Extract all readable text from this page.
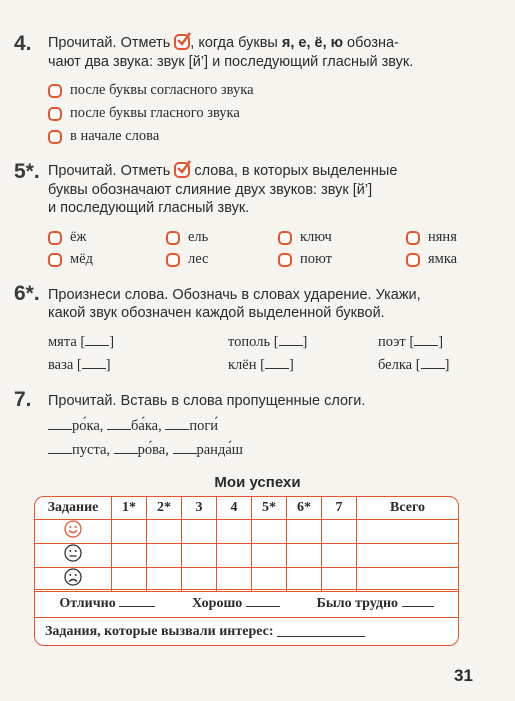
4. Прочитай. Отметь , когда буквы я, е, ё, ю обозна-
чают два звука: звук [й’] и последующий гласный звук.
после буквы согласного звука
после буквы гласного звука
в начале слова
5*. Прочитай. Отметь слова, в которых выделенные
буквы обозначают слияние двух звуков: звук [й’]
и последующий гласный звук.
ёж	ель	ключ	няня
мёд	лес	поют	ямка
6*. Произнеси слова. Обозначь в словах ударение. Укажи,
какой звук обозначен каждой выделенной буквой.
мята [ ]	тополь [ ]	поэт [ ]
ваза [ ]	клён [ ]	белка [ ]
7. Прочитай. Вставь в слова пропущенные слоги.
ро́ка, ба́ка, поги́
пуста, ро́ва, ранда́ш
Мои успехи
Задание	1*	2*	3	4	5*	6*	7	Всего

Отлично	Хорошо	Было трудно
Задания, которые вызвали интерес:

31
